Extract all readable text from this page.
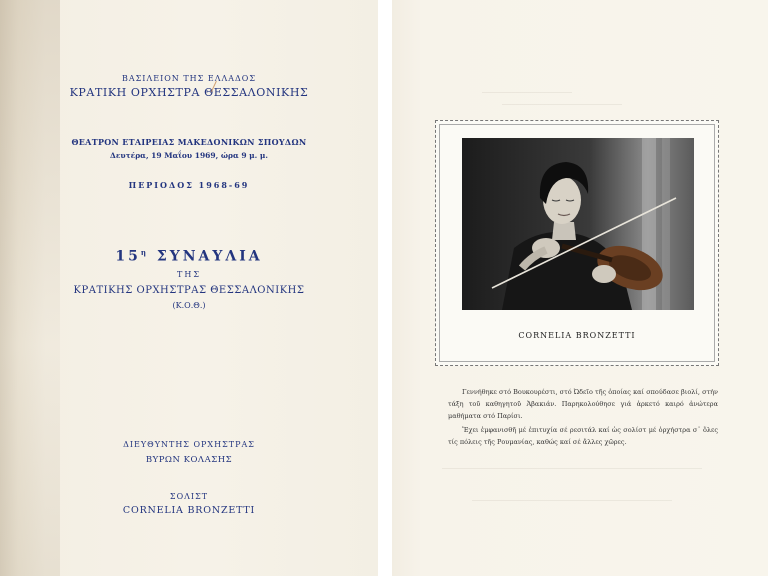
ΒΑΣΙΛΕΙΟΝ ΤΗΣ ΕΛΛΑΔΟΣ
ΚΡΑΤΙΚΗ ΟΡΧΗΣΤΡΑ ΘΕΣΣΑΛΟΝΙΚΗΣ
ΘΕΑΤΡΟΝ ΕΤΑΙΡΕΙΑΣ ΜΑΚΕΔΟΝΙΚΩΝ ΣΠΟΥΔΩΝ
Δευτέρα, 19 Μαΐου 1969, ώρα 9 μ. μ.
ΠΕΡΙΟΔΟΣ 1968-69
$15^\eta$ ΣΥΝΑΥΛΙΑ
ΤΗΣ
ΚΡΑΤΙΚΗΣ ΟΡΧΗΣΤΡΑΣ ΘΕΣΣΑΛΟΝΙΚΗΣ
(Κ.Ο.Θ.)
ΔΙΕΥΘΥΝΤΗΣ ΟΡΧΗΣΤΡΑΣ
ΒΥΡΩΝ ΚΟΛΑΣΗΣ
ΣΟΛΙΣΤ
CORNELIA BRONZETTI
CORNELIA BRONZETTI

Γεννήθηκε στό Βουκουρέστι, στό Ὠδεῖο τῆς ὁποίας καί σπούδασε βιολί, στήν τάξη τοῦ καθηγητοῦ Ἀβακιάν. Παρηκολούθησε γιά ἀρκετό καιρό ἀνώτερα μαθήματα στό Παρίσι.

Ἔχει ἐμφανισθῆ μέ ἐπιτυχία σέ ρεσιτάλ καί ὡς σολίστ μέ ὀρχήστρα σ᾽ ὅλες τίς πόλεις τῆς Ρουμανίας, καθώς καί σέ ἄλλες χῶρες.
